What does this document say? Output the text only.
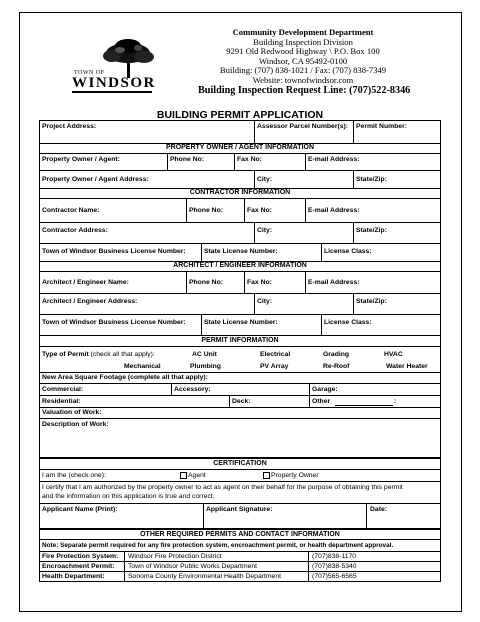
TOWN OF
WINDSOR
Community Development Department
Building Inspection Division
9291 Old Redwood Highway \ P.O. Box 100
Windsor, CA 95492-0100
Building: (707) 838-1021 / Fax: (707) 838-7349
Website: townofwindsor.com
Building Inspection Request Line: (707)522-8346
BUILDING PERMIT APPLICATION
Project Address:	Assessor Parcel Number(s): Permit Number:
PROPERTY OWNER / AGENT INFORMATION
Property Owner / Agent:	Phone No:	Fax No:	E-mail Address:
Property Owner / Agent Address:	City:	State/Zip:
CONTRACTOR INFORMATION
Contractor Name:	Phone No:	Fax No:	E-mail Address:
Contractor Address:	City:	State/Zip:
Town of Windsor Business License Number:	State License Number:	License Class:
ARCHITECT / ENGINEER INFORMATION
Architect / Engineer Name:	Phone No:	Fax No:	E-mail Address:
Architect / Engineer Address:	City:	State/Zip:
Town of Windsor Business License Number:	State License Number:	License Class:
PERMIT INFORMATION
Type of Permit (check all that apply):	AC Unit	Electrical	Grading	HVAC
Mechanical	Plumbing	PV Array	Re-Roof	Water Heater
New Area Square Footage (complete all that apply):
Commercial:	Accessory:	Garage:
Residential:	Deck:	Other	:
Valuation of Work:
Description of Work:
CERTIFICATION
I am the (check one):	Agent	Property Owner
I certify that I am authorized by the property owner to act as agent on their behalf for the purpose of obtaining this permit
and the information on this application is true and correct.
Applicant Name (Print):	Applicant Signature:	Date:
OTHER REQUIRED PERMITS AND CONTACT INFORMATION
Note: Separate permit required for any fire protection system, encroachment permit, or health department approval.
Fire Protection System: Windsor Fire Protection District	(707)838-1170
Encroachment Permit: Town of Windsor Public Works Department	(707)838-5340
Health Department:	Sonoma County Environmental Health Department	(707)565-6565
